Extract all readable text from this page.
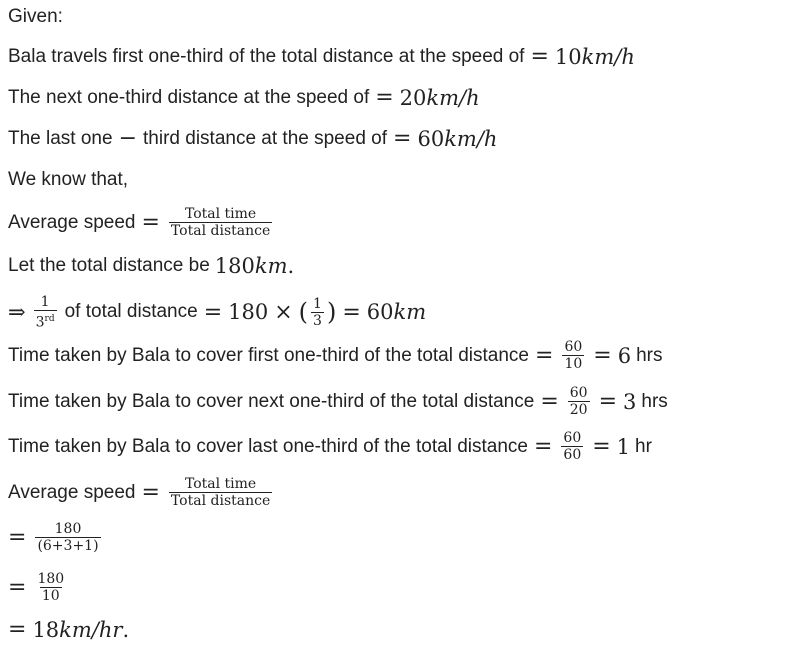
Given:
Bala travels first one-third of the total distance at the speed of = 10 km/h
The next one-third distance at the speed of = 20 km/h
The last one − third distance at the speed of = 60 km/h
We know that,
Average speed = $\frac{\text{Total time}}{\text{Total distance}}$
Let the total distance be 180 km .
⇒ $\frac{1}{3^{rd}}$ of total distance = 180 × ( $\frac{1}{3}$ ) = 60 km
Time taken by Bala to cover first one-third of the total distance = $\frac{60}{10} = 6$ hrs
Time taken by Bala to cover next one-third of the total distance = $\frac{60}{20} = 3$ hrs
Time taken by Bala to cover last one-third of the total distance = $\frac{60}{60} = 1$ hr
Average speed = $\frac{\text{Total time}}{\text{Total distance}}$
= $\frac{180}{(6+3+1)}$
= $\frac{180}{10}$
= 18 km/hr .
